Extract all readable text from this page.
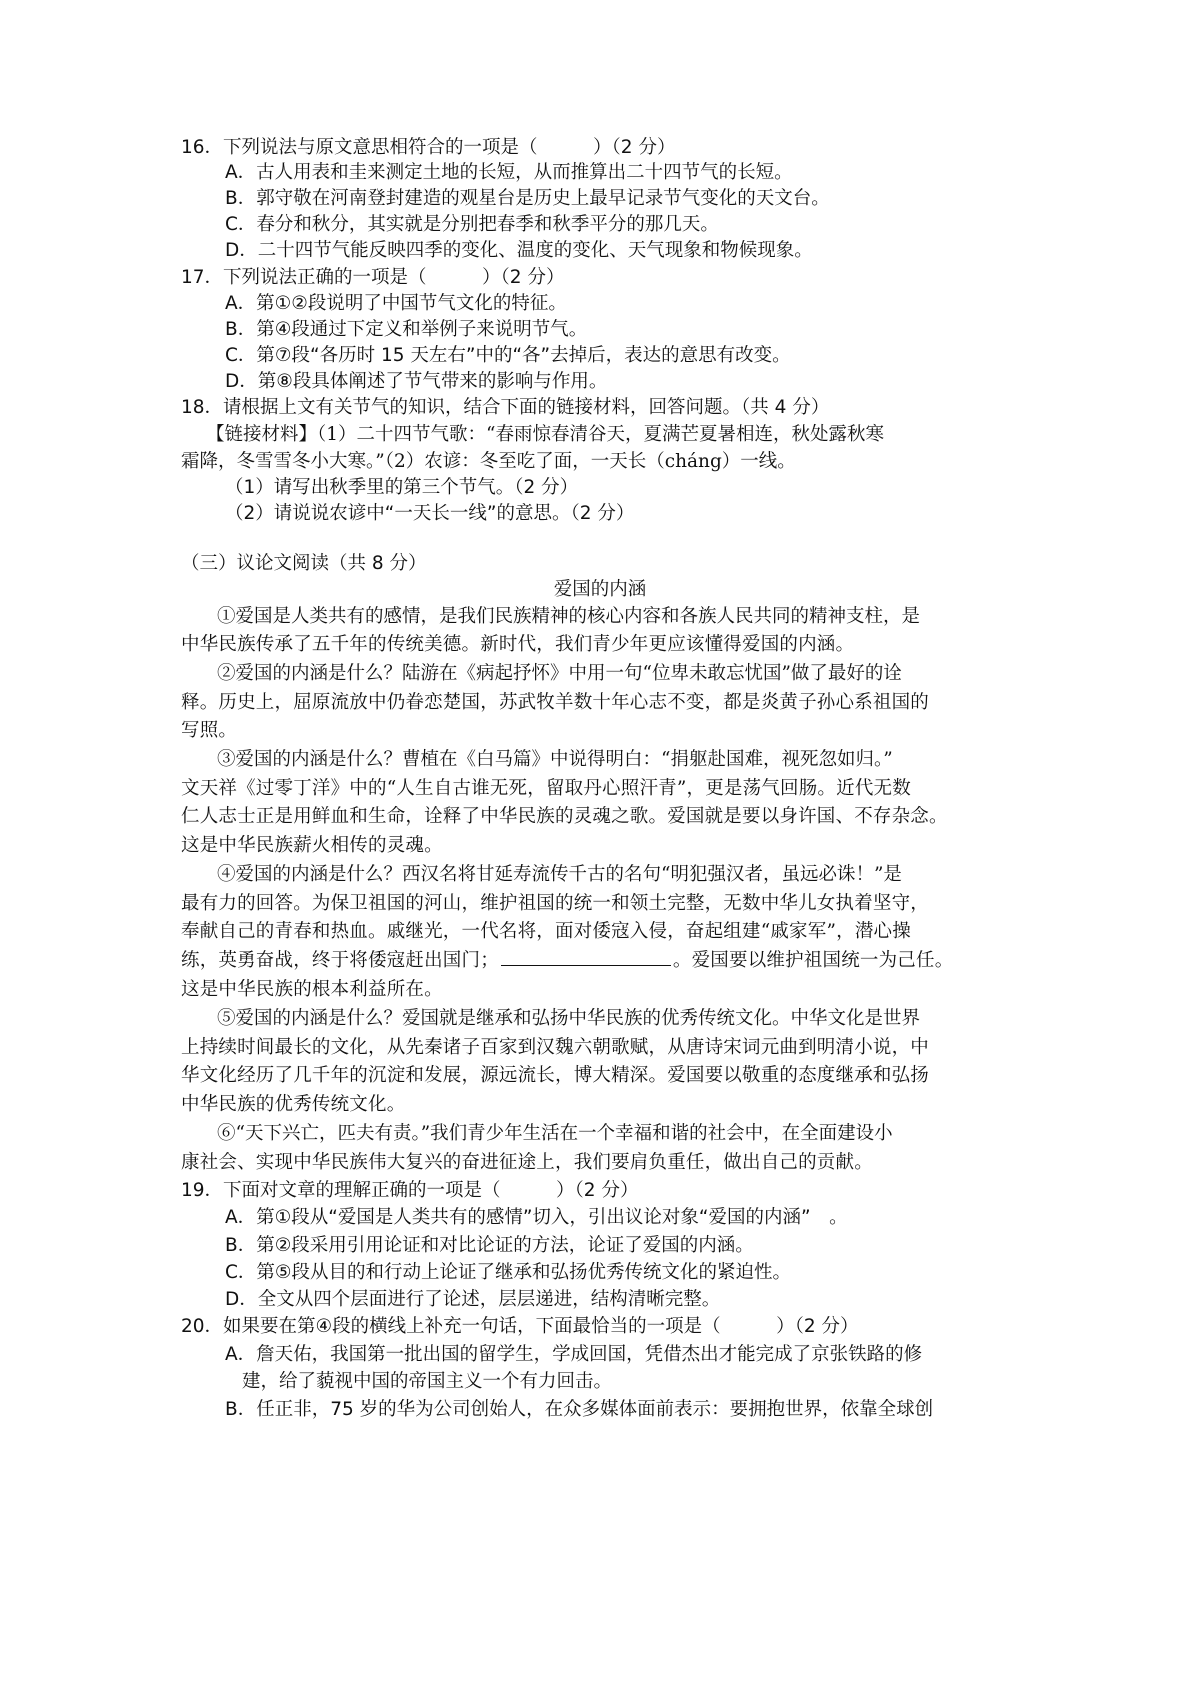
16．下列说法与原文意思相符合的一项是（　　　）（2 分）
A．古人用表和圭来测定土地的长短，从而推算出二十四节气的长短。
B．郭守敬在河南登封建造的观星台是历史上最早记录节气变化的天文台。
C．春分和秋分，其实就是分别把春季和秋季平分的那几天。
D．二十四节气能反映四季的变化、温度的变化、天气现象和物候现象。
17．下列说法正确的一项是（　　　）（2 分）
A．第①②段说明了中国节气文化的特征。
B．第④段通过下定义和举例子来说明节气。
C．第⑦段“各历时 15 天左右”中的“各”去掉后，表达的意思有改变。
D．第⑧段具体阐述了节气带来的影响与作用。
18．请根据上文有关节气的知识，结合下面的链接材料，回答问题。（共 4 分）
【链接材料】（1）二十四节气歌：“春雨惊春清谷天，夏满芒夏暑相连，秋处露秋寒
霜降，冬雪雪冬小大寒。”（2）农谚：冬至吃了面，一天长（cháng）一线。
（1）请写出秋季里的第三个节气。（2 分）
（2）请说说农谚中“一天长一线”的意思。（2 分）
（三）议论文阅读（共 8 分）
爱国的内涵
①爱国是人类共有的感情，是我们民族精神的核心内容和各族人民共同的精神支柱，是
中华民族传承了五千年的传统美德。新时代，我们青少年更应该懂得爱国的内涵。
②爱国的内涵是什么？陆游在《病起抒怀》中用一句“位卑未敢忘忧国”做了最好的诠
释。历史上，屈原流放中仍眷恋楚国，苏武牧羊数十年心志不变，都是炎黄子孙心系祖国的
写照。
③爱国的内涵是什么？曹植在《白马篇》中说得明白：“捐躯赴国难，视死忽如归。”
文天祥《过零丁洋》中的“人生自古谁无死，留取丹心照汗青”，更是荡气回肠。近代无数
仁人志士正是用鲜血和生命，诠释了中华民族的灵魂之歌。爱国就是要以身许国、不存杂念。
这是中华民族薪火相传的灵魂。
④爱国的内涵是什么？西汉名将甘延寿流传千古的名句“明犯强汉者，虽远必诛！”是
最有力的回答。为保卫祖国的河山，维护祖国的统一和领土完整，无数中华儿女执着坚守，
奉献自己的青春和热血。戚继光，一代名将，面对倭寇入侵，奋起组建“戚家军”，潜心操
练，英勇奋战，终于将倭寇赶出国门；	。爱国要以维护祖国统一为己任。
这是中华民族的根本利益所在。
⑤爱国的内涵是什么？爱国就是继承和弘扬中华民族的优秀传统文化。中华文化是世界
上持续时间最长的文化，从先秦诸子百家到汉魏六朝歌赋，从唐诗宋词元曲到明清小说，中
华文化经历了几千年的沉淀和发展，源远流长，博大精深。爱国要以敬重的态度继承和弘扬
中华民族的优秀传统文化。
⑥“天下兴亡，匹夫有责。”我们青少年生活在一个幸福和谐的社会中，在全面建设小
康社会、实现中华民族伟大复兴的奋进征途上，我们要肩负重任，做出自己的贡献。
19．下面对文章的理解正确的一项是（　　　）（2 分）
A．第①段从“爱国是人类共有的感情”切入，引出议论对象“爱国的内涵”　。
B．第②段采用引用论证和对比论证的方法，论证了爱国的内涵。
C．第⑤段从目的和行动上论证了继承和弘扬优秀传统文化的紧迫性。
D．全文从四个层面进行了论述，层层递进，结构清晰完整。
20．如果要在第④段的横线上补充一句话，下面最恰当的一项是（　　　）（2 分）
A．詹天佑，我国第一批出国的留学生，学成回国，凭借杰出才能完成了京张铁路的修
建，给了藐视中国的帝国主义一个有力回击。
B．任正非，75 岁的华为公司创始人，在众多媒体面前表示：要拥抱世界，依靠全球创
